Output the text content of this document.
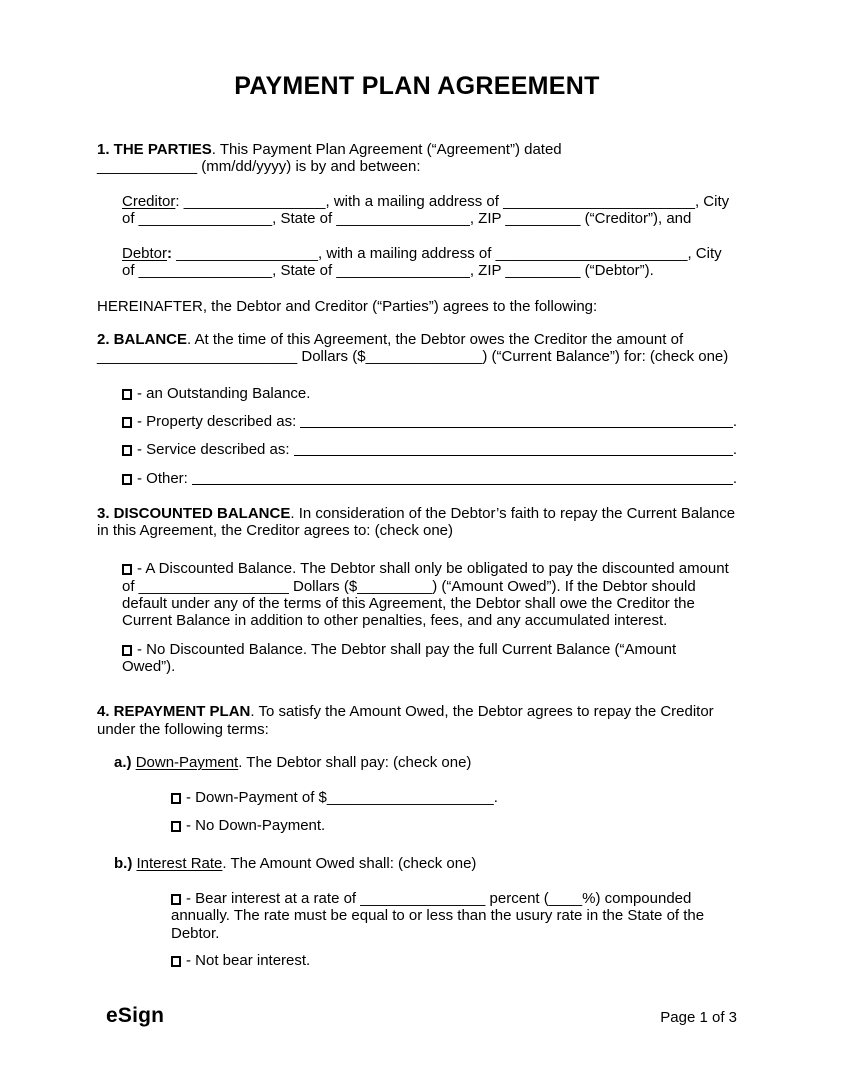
PAYMENT PLAN AGREEMENT
1. THE PARTIES . This Payment Plan Agreement (“Agreement”) dated
____________ (mm/dd/yyyy) is by and between:
Creditor : _________________, with a mailing address of _______________________, City
of ________________, State of ________________, ZIP _________ (“Creditor”), and
Debtor : _________________, with a mailing address of _______________________, City
of ________________, State of ________________, ZIP _________ (“Debtor”).
HEREINAFTER, the Debtor and Creditor (“Parties”) agrees to the following:
2. BALANCE . At the time of this Agreement, the Debtor owes the Creditor the amount of
________________________ Dollars ($______________) (“Current Balance”) for: (check one)
- an Outstanding Balance.
- Property described as:	.
- Service described as:	.
- Other:	.
3. DISCOUNTED BALANCE . In consideration of the Debtor’s faith to repay the Current Balance
in this Agreement, the Creditor agrees to: (check one)
- A Discounted Balance. The Debtor shall only be obligated to pay the discounted amount
of __________________ Dollars ($_________) (“Amount Owed”). If the Debtor should
default under any of the terms of this Agreement, the Debtor shall owe the Creditor the
Current Balance in addition to other penalties, fees, and any accumulated interest.
- No Discounted Balance. The Debtor shall pay the full Current Balance (“Amount
Owed”).
4. REPAYMENT PLAN . To satisfy the Amount Owed, the Debtor agrees to repay the Creditor
under the following terms:
a.)
Down-Payment . The Debtor shall pay: (check one)
- Down-Payment of $____________________.
- No Down-Payment.
b.)
Interest Rate . The Amount Owed shall: (check one)
- Bear interest at a rate of _______________ percent (____%) compounded
annually. The rate must be equal to or less than the usury rate in the State of the
Debtor.
- Not bear interest.
eSign	Page 1 of 3
